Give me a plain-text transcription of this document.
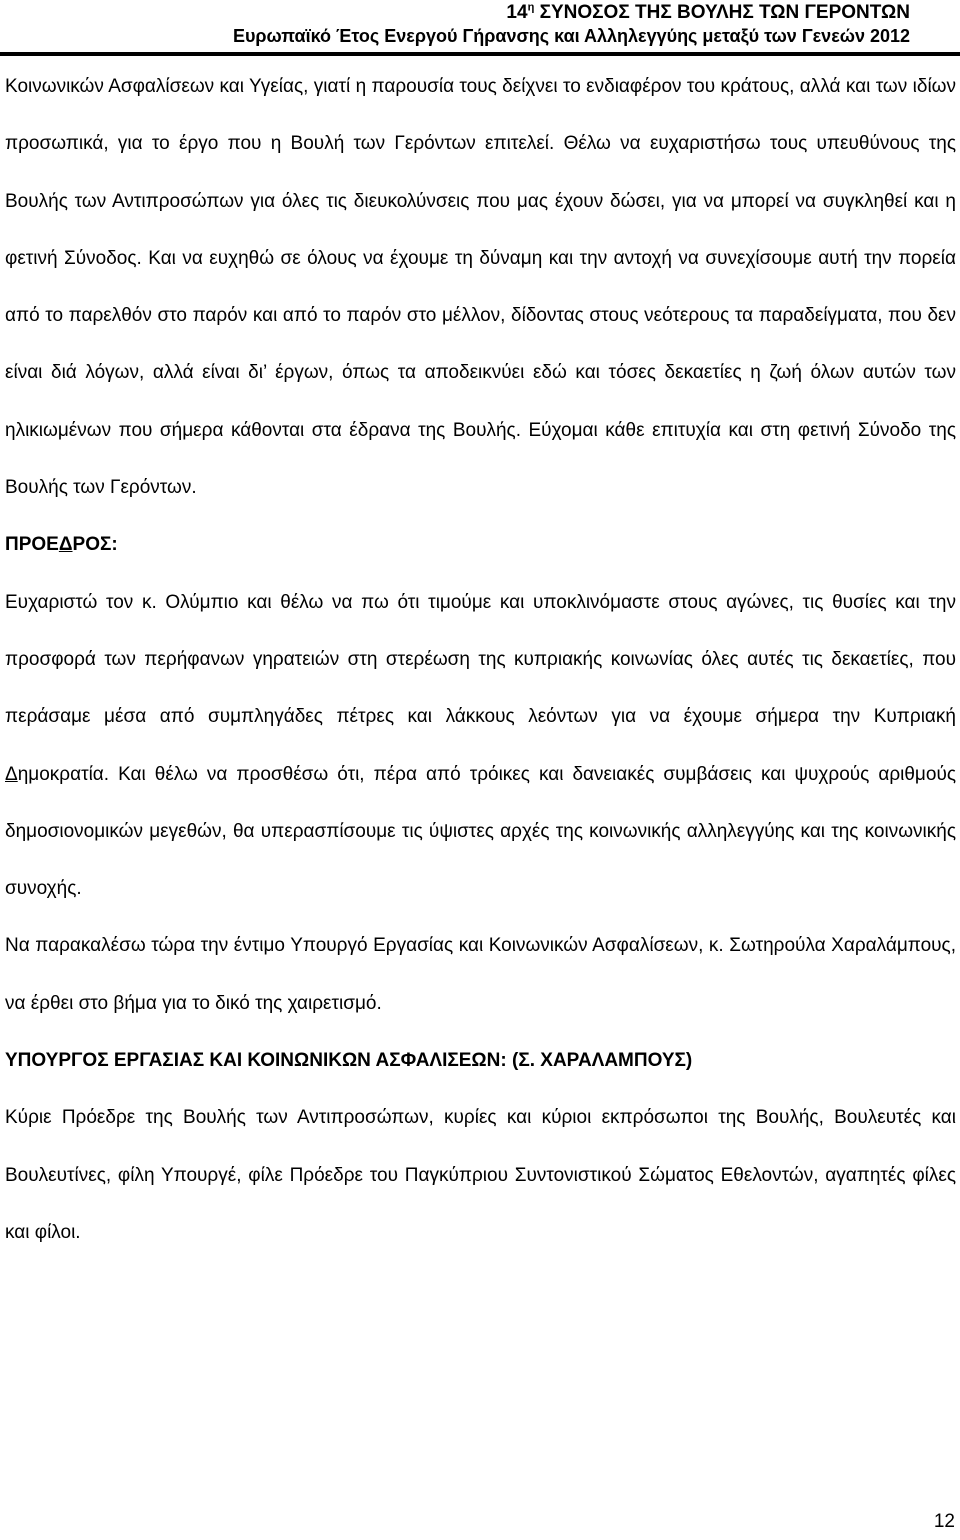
$14^\eta$ ΣΥΝΟΣΟΣ ΤΗΣ ΒΟΥΛΗΣ ΤΩΝ ΓΕΡΟΝΤΩΝ
Ευρωπαϊκό Έτος Ενεργού Γήρανσης και Αλληλεγγύης μεταξύ των Γενεών 2012

Κοινωνικών Ασφαλίσεων και Υγείας, γιατί η παρουσία τους δείχνει το ενδιαφέρον του κράτους, αλλά και των ιδίων προσωπικά, για το έργο που η Βουλή των Γερόντων επιτελεί. Θέλω να ευχαριστήσω τους υπευθύνους της Βουλής των Αντιπροσώπων για όλες τις διευκολύνσεις που μας έχουν δώσει, για να μπορεί να συγκληθεί και η φετινή Σύνοδος. Και να ευχηθώ σε όλους να έχουμε τη δύναμη και την αντοχή να συνεχίσουμε αυτή την πορεία από το παρελθόν στο παρόν και από το παρόν στο μέλλον, δίδοντας στους νεότερους τα παραδείγματα, που δεν είναι διά λόγων, αλλά είναι δι’ έργων, όπως τα αποδεικνύει εδώ και τόσες δεκαετίες η ζωή όλων αυτών των ηλικιωμένων που σήμερα κάθονται στα έδρανα της Βουλής. Εύχομαι κάθε επιτυχία και στη φετινή Σύνοδο της Βουλής των Γερόντων.

ΠΡΟΕΔΡΟΣ:

Ευχαριστώ τον κ. Ολύμπιο και θέλω να πω ότι τιμούμε και υποκλινόμαστε στους αγώνες, τις θυσίες και την προσφορά των περήφανων γηρατειών στη στερέωση της κυπριακής κοινωνίας όλες αυτές τις δεκαετίες, που περάσαμε μέσα από συμπληγάδες πέτρες και λάκκους λεόντων για να έχουμε σήμερα την Κυπριακή Δημοκρατία. Και θέλω να προσθέσω ότι, πέρα από τρόικες και δανειακές συμβάσεις και ψυχρούς αριθμούς δημοσιονομικών μεγεθών, θα υπερασπίσουμε τις ύψιστες αρχές της κοινωνικής αλληλεγγύης και της κοινωνικής συνοχής.

Να παρακαλέσω τώρα την έντιμο Υπουργό Εργασίας και Κοινωνικών Ασφαλίσεων, κ. Σωτηρούλα Χαραλάμπους, να έρθει στο βήμα για το δικό της χαιρετισμό.

ΥΠΟΥΡΓΟΣ ΕΡΓΑΣΙΑΣ ΚΑΙ ΚΟΙΝΩΝΙΚΩΝ ΑΣΦΑΛΙΣΕΩΝ: (Σ. ΧΑΡΑΛΑΜΠΟΥΣ)

Κύριε Πρόεδρε της Βουλής των Αντιπροσώπων, κυρίες και κύριοι εκπρόσωποι της Βουλής, Βουλευτές και Βουλευτίνες, φίλη Υπουργέ, φίλε Πρόεδρε του Παγκύπριου Συντονιστικού Σώματος Εθελοντών, αγαπητές φίλες και φίλοι.

12
